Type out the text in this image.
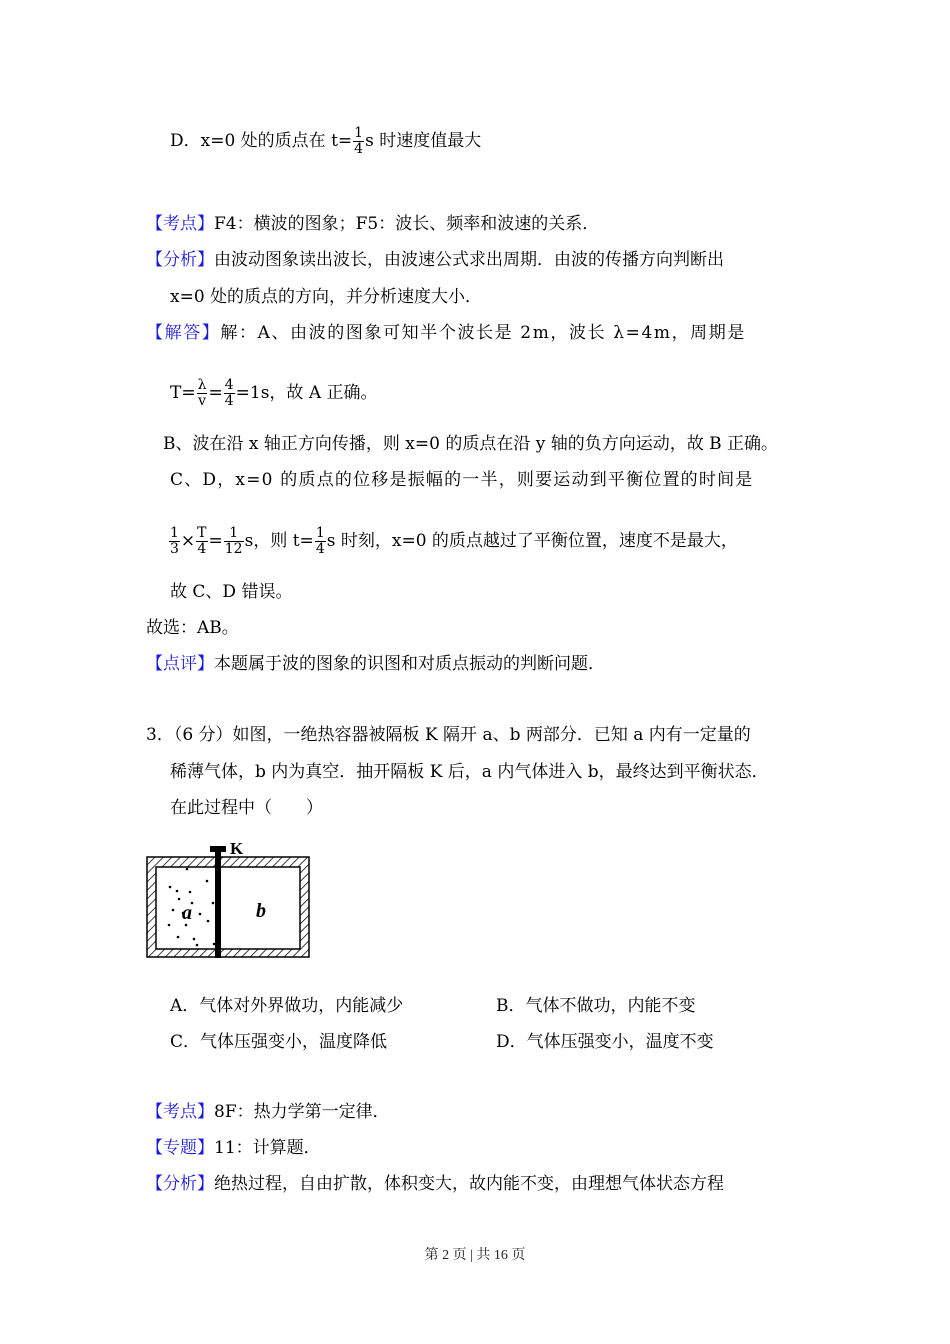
D．x=0 处的质点在 $t= \frac{1}{4}$ s 时速度值最大
【考点】F4：横波的图象；F5：波长、频率和波速的关系．
【分析】由波动图象读出波长，由波速公式求出周期．由波的传播方向判断出
x=0 处的质点的方向，并分析速度大小．
【解答】解：A、由波的图象可知半个波长是 2m，波长 λ=4m，周期是
$T= \frac{\lambda}{v} = \frac{4}{4} =1s$，故 A 正确。
B、波在沿 x 轴正方向传播，则 x=0 的质点在沿 y 轴的负方向运动，故 B 正确。
C、D，x=0 的质点的位移是振幅的一半，则要运动到平衡位置的时间是
$\frac{1}{3} \times \frac{T}{4} = \frac{1}{12}$ s，则 $t= \frac{1}{4}$ s 时刻，x=0 的质点越过了平衡位置，速度不是最大，
故 C、D 错误。
故选：AB。
【点评】本题属于波的图象的识图和对质点振动的判断问题．
3．（6 分）如图，一绝热容器被隔板 K 隔开 a、b 两部分．已知 a 内有一定量的
稀薄气体，b 内为真空．抽开隔板 K 后，a 内气体进入 b，最终达到平衡状态．
在此过程中（　　）
K
a	b
A．气体对外界做功，内能减少	B．气体不做功，内能不变
C．气体压强变小，温度降低	D．气体压强变小，温度不变
【考点】8F：热力学第一定律．
【专题】11：计算题．
【分析】绝热过程，自由扩散，体积变大，故内能不变，由理想气体状态方程
第 2 页 | 共 16 页
